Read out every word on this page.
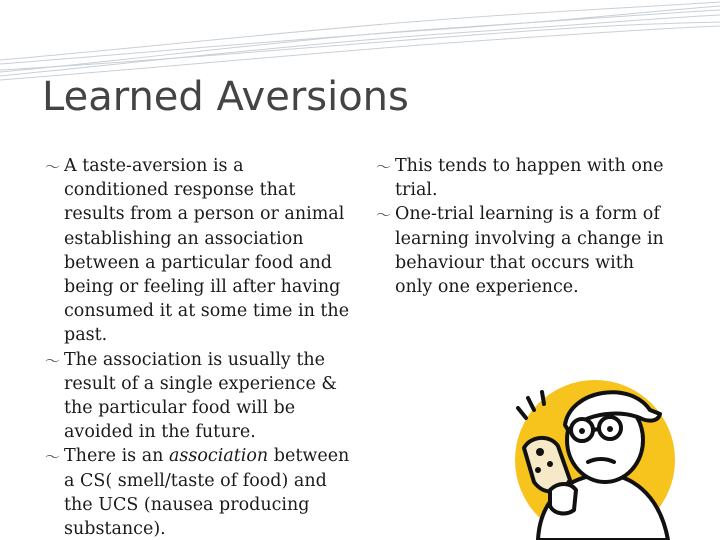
Learned Aversions

〜 A taste-aversion is a conditioned response that results from a person or animal establishing an association between a particular food and being or feeling ill after having consumed it at some time in the past.

〜 The association is usually the result of a single experience & the particular food will be avoided in the future.

〜 There is an association between a CS( smell/taste of food) and the UCS (nausea producing substance).

〜 This tends to happen with one trial.

〜 One-trial learning is a form of learning involving a change in behaviour that occurs with only one experience.
